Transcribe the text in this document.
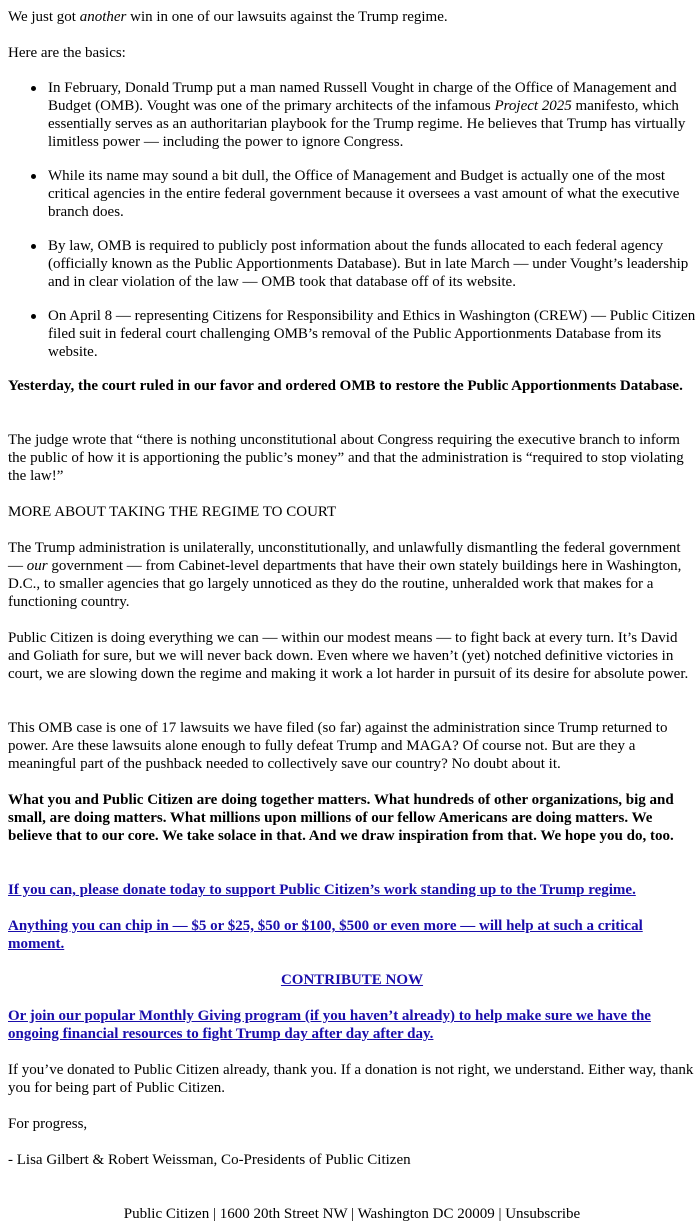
We just got another win in one of our lawsuits against the Trump regime.

Here are the basics:

In February, Donald Trump put a man named Russell Vought in charge of the Office of Management and Budget (OMB). Vought was one of the primary architects of the infamous Project 2025 manifesto, which essentially serves as an authoritarian playbook for the Trump regime. He believes that Trump has virtually limitless power — including the power to ignore Congress.
While its name may sound a bit dull, the Office of Management and Budget is actually one of the most critical agencies in the entire federal government because it oversees a vast amount of what the executive branch does.
By law, OMB is required to publicly post information about the funds allocated to each federal agency (officially known as the Public Apportionments Database). But in late March — under Vought’s leadership and in clear violation of the law — OMB took that database off of its website.
On April 8 — representing Citizens for Responsibility and Ethics in Washington (CREW) — Public Citizen filed suit in federal court challenging OMB’s removal of the Public Apportionments Database from its website.

Yesterday, the court ruled in our favor and ordered OMB to restore the Public Apportionments Database.

The judge wrote that “there is nothing unconstitutional about Congress requiring the executive branch to inform the public of how it is apportioning the public’s money” and that the administration is “required to stop violating the law!”

MORE ABOUT TAKING THE REGIME TO COURT

The Trump administration is unilaterally, unconstitutionally, and unlawfully dismantling the federal government — our government — from Cabinet-level departments that have their own stately buildings here in Washington, D.C., to smaller agencies that go largely unnoticed as they do the routine, unheralded work that makes for a functioning country.

Public Citizen is doing everything we can — within our modest means — to fight back at every turn. It’s David and Goliath for sure, but we will never back down. Even where we haven’t (yet) notched definitive victories in court, we are slowing down the regime and making it work a lot harder in pursuit of its desire for absolute power.

This OMB case is one of 17 lawsuits we have filed (so far) against the administration since Trump returned to power. Are these lawsuits alone enough to fully defeat Trump and MAGA? Of course not. But are they a meaningful part of the pushback needed to collectively save our country? No doubt about it.

What you and Public Citizen are doing together matters. What hundreds of other organizations, big and small, are doing matters. What millions upon millions of our fellow Americans are doing matters. We believe that to our core. We take solace in that. And we draw inspiration from that. We hope you do, too.

If you can, please donate today to support Public Citizen’s work standing up to the Trump regime.

Anything you can chip in — $5 or $25, $50 or $100, $500 or even more — will help at such a critical moment.

CONTRIBUTE NOW

Or join our popular Monthly Giving program (if you haven’t already) to help make sure we have the ongoing financial resources to fight Trump day after day after day.

If you’ve donated to Public Citizen already, thank you. If a donation is not right, we understand. Either way, thank you for being part of Public Citizen.

For progress,

- Lisa Gilbert & Robert Weissman, Co-Presidents of Public Citizen

Public Citizen | 1600 20th Street NW | Washington DC 20009 | Unsubscribe
